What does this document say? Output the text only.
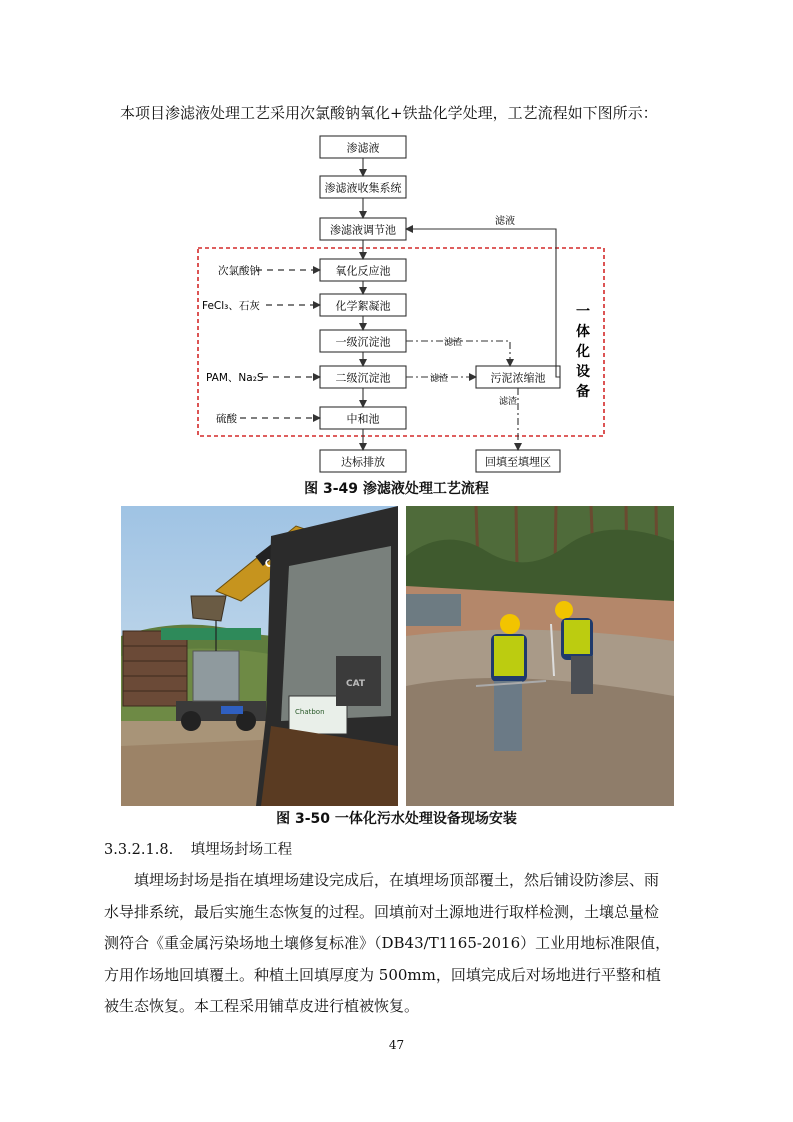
本项目渗滤液处理工艺采用次氯酸钠氧化+铁盐化学处理，工艺流程如下图所示：
渗滤液
渗滤液收集系统
渗滤液调节池
氧化反应池
化学絮凝池
一级沉淀池
二级沉淀池
中和池
达标排放
污泥浓缩池
回填至填埋区
次氯酸钠
FeCl₃、石灰
PAM、Na₂S
硫酸
滤渣
滤渣
滤渣
滤液
一
体
化
设
备
图 3-49 渗滤液处理工艺流程
Chatbon
CAT
图 3-50 一体化污水处理设备现场安装
3.3.2.1.8. 填埋场封场工程
填埋场封场是指在填埋场建设完成后，在填埋场顶部覆土，然后铺设防渗层、雨
水导排系统，最后实施生态恢复的过程。回填前对土源地进行取样检测，土壤总量检
测符合《重金属污染场地土壤修复标准》（DB43/T1165-2016）工业用地标准限值，
方用作场地回填覆土。种植土回填厚度为 500mm，回填完成后对场地进行平整和植
被生态恢复。本工程采用铺草皮进行植被恢复。
47
